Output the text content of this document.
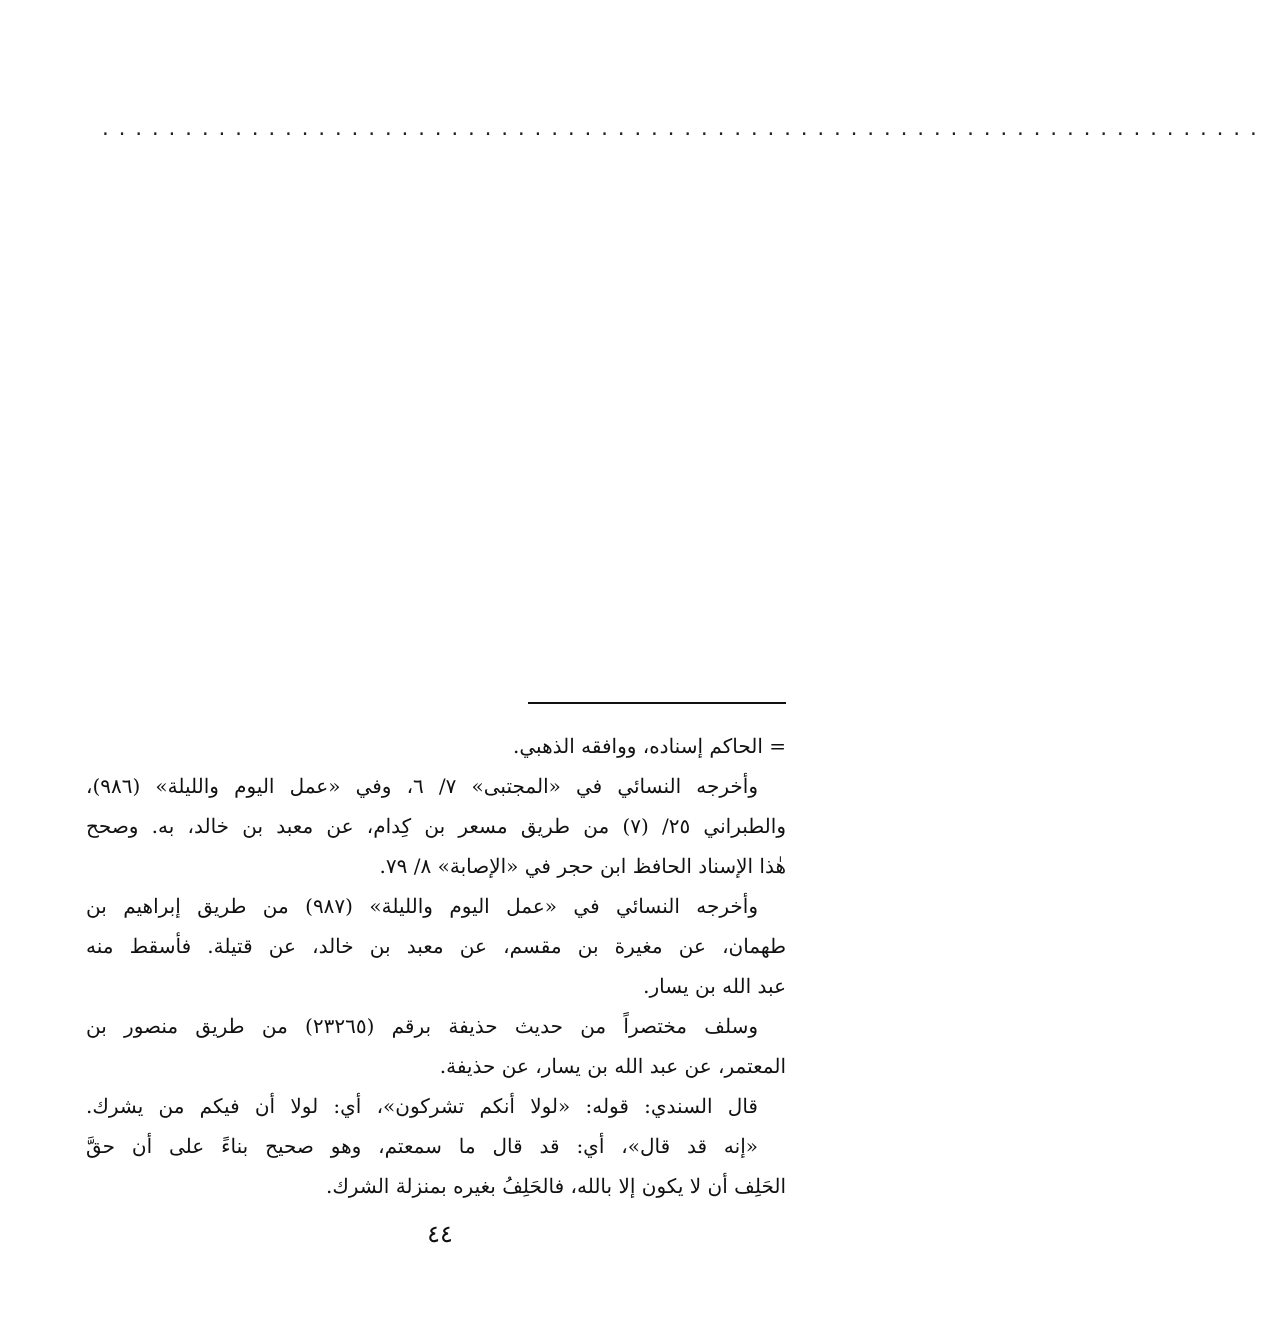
......................................................................
= الحاكم إسناده، ووافقه الذهبي.
وأخرجه النسائي في «المجتبى» ٧/ ٦، وفي «عمل اليوم والليلة» (٩٨٦)،
والطبراني ٢٥/ (٧) من طريق مسعر بن كِدام، عن معبد بن خالد، به. وصحح
هٰذا الإسناد الحافظ ابن حجر في «الإصابة» ٨/ ٧٩.
وأخرجه النسائي في «عمل اليوم والليلة» (٩٨٧) من طريق إبراهيم بن
طهمان، عن مغيرة بن مقسم، عن معبد بن خالد، عن قتيلة. فأسقط منه
عبد الله بن يسار.
وسلف مختصراً من حديث حذيفة برقم (٢٣٢٦٥) من طريق منصور بن
المعتمر، عن عبد الله بن يسار، عن حذيفة.
قال السندي: قوله: «لولا أنكم تشركون»، أي: لولا أن فيكم من يشرك.
«إنه قد قال»، أي: قد قال ما سمعتم، وهو صحيح بناءً على أن حقَّ
الحَلِف أن لا يكون إلا بالله، فالحَلِفُ بغيره بمنزلة الشرك.
٤٤
